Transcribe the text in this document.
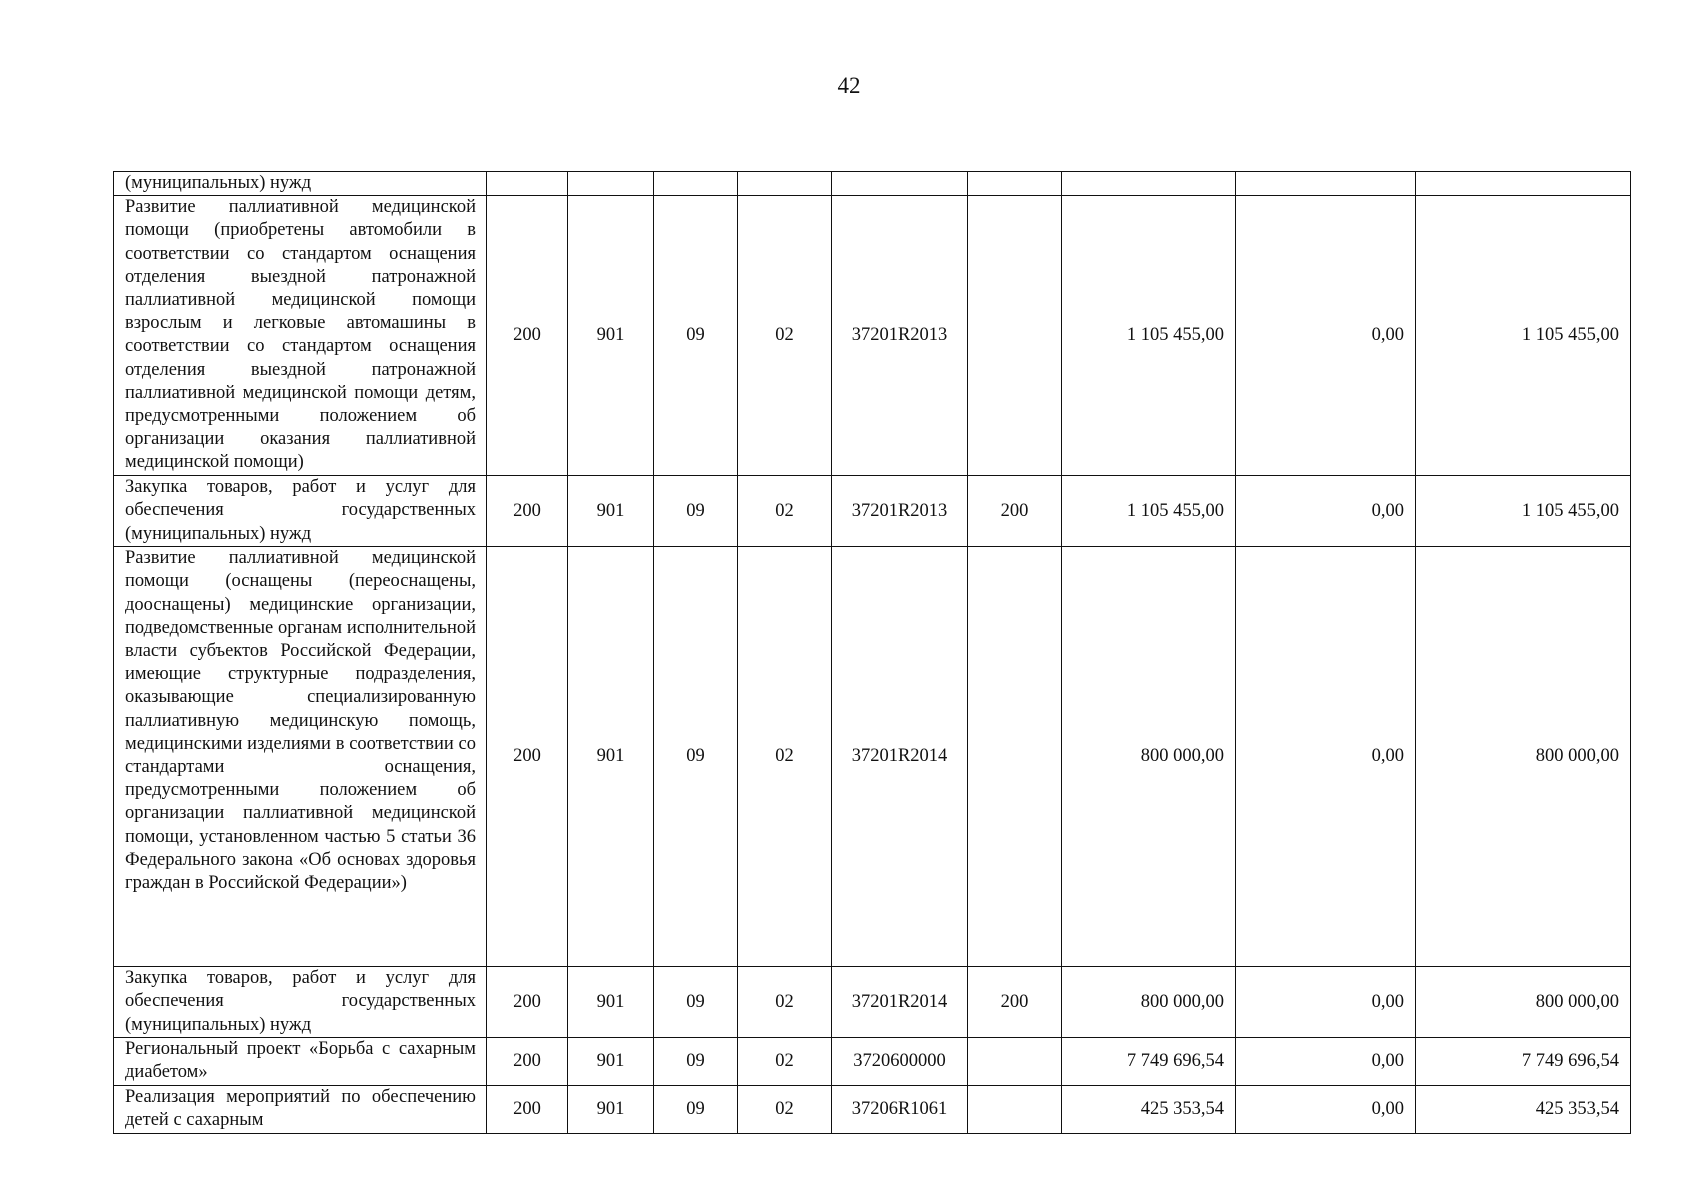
42
(муниципальных) нужд									
Развитие паллиативной медицинской помощи (приобретены автомобили в соответствии со стандартом оснащения отделения выездной патронажной паллиативной медицинской помощи взрослым и легковые автомашины в соответствии со стандартом оснащения отделения выездной патронажной паллиативной медицинской помощи детям, предусмотренными положением об организации оказания паллиативной медицинской помощи)	200	901	09	02	37201R2013		1 105 455,00	0,00	1 105 455,00
Закупка товаров, работ и услуг для обеспечения государственных (муниципальных) нужд	200	901	09	02	37201R2013	200	1 105 455,00	0,00	1 105 455,00
Развитие паллиативной медицинской помощи (оснащены (переоснащены, дооснащены) медицинские организации, подведомственные органам исполнительной власти субъектов Российской Федерации, имеющие структурные подразделения, оказывающие специализированную паллиативную медицинскую помощь, медицинскими изделиями в соответствии со стандартами оснащения, предусмотренными положением об организации паллиативной медицинской помощи, установленном частью 5 статьи 36 Федерального закона «Об основах здоровья граждан в Российской Федерации»)	200	901	09	02	37201R2014		800 000,00	0,00	800 000,00
Закупка товаров, работ и услуг для обеспечения государственных (муниципальных) нужд	200	901	09	02	37201R2014	200	800 000,00	0,00	800 000,00
Региональный проект «Борьба с сахарным диабетом»	200	901	09	02	3720600000		7 749 696,54	0,00	7 749 696,54
Реализация мероприятий по обеспечению детей с сахарным	200	901	09	02	37206R1061		425 353,54	0,00	425 353,54
